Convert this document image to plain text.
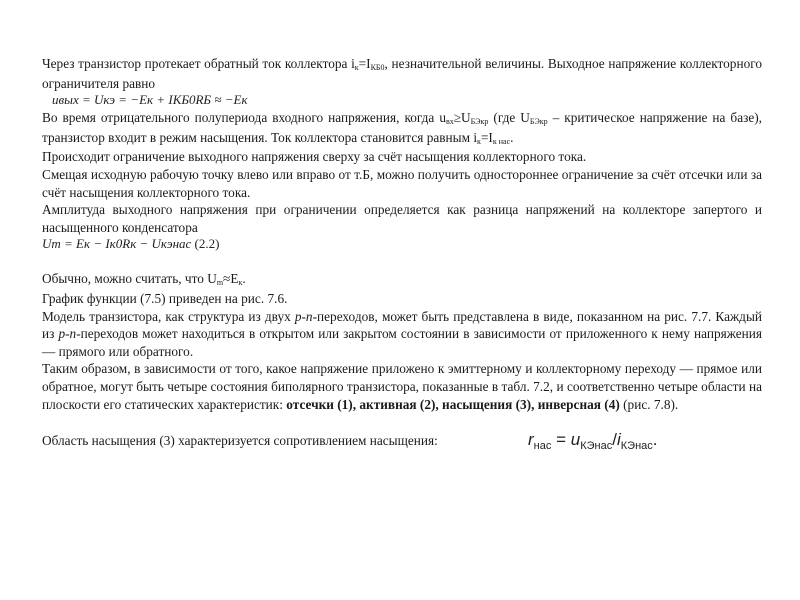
Через транзистор протекает обратный ток коллектора $i_к=I_{КБ0}$, незначительной величины. Выходное напряжение коллекторного ограничителя равно

uвых = Uкэ = −Eк + IКБ0RБ ≈ −Eк

Во время отрицательного полупериода входного напряжения, когда $u_{вх}\ge U_{БЭкр}$ (где $U_{БЭкр}$ – критическое напряжение на базе), транзистор входит в режим насыщения. Ток коллектора становится равным $i_к=I_{к нас}$.

Происходит ограничение выходного напряжения сверху за счёт насыщения коллекторного тока.

Смещая исходную рабочую точку влево или вправо от т.Б, можно получить одностороннее ограничение за счёт отсечки или за счёт насыщения коллекторного тока.

Амплитуда выходного напряжения при ограничении определяется как разница напряжений на коллекторе запертого и насыщенного конденсатора

Um = Eк − Iк0Rк − Uкэнас (2.2)

Обычно, можно считать, что $U_m\approx E_к$.

График функции (7.5) приведен на рис. 7.6.

Модель транзистора, как структура из двух p-n-переходов, может быть представлена в виде, показанном на рис. 7.7. Каждый из p-n-переходов может находиться в открытом или закрытом состоянии в зависимости от приложенного к нему напряжения — прямого или обратного.

Таким образом, в зависимости от того, какое напряжение приложено к эмиттерному и коллекторному переходу — прямое или обратное, могут быть четыре состояния биполярного транзистора, показанные в табл. 7.2, и соответственно четыре области на плоскости его статических характеристик: отсечки (1), активная (2), насыщения (3), инверсная (4) (рис. 7.8).

Область насыщения (3) характеризуется сопротивлением насыщения:	$r_{нас} = u_{КЭнас}/i_{КЭнас}$.
